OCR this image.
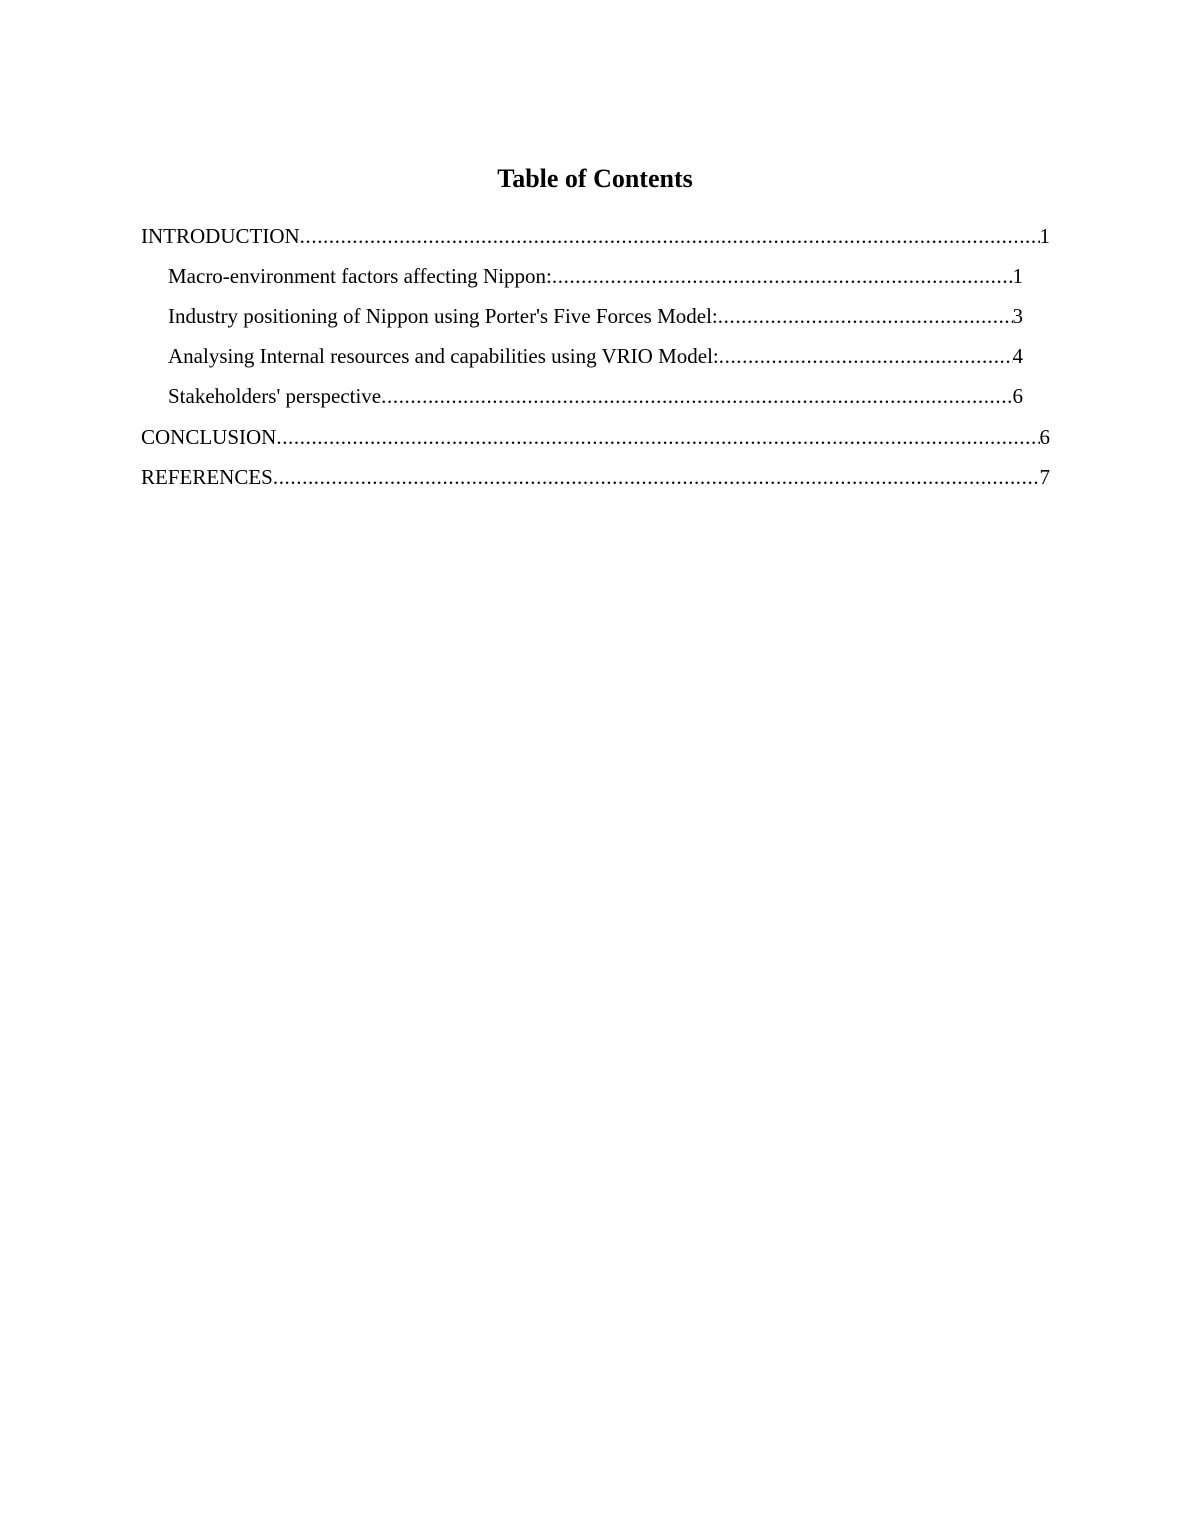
Table of Contents
INTRODUCTION .....	1
Macro-environment factors affecting Nippon: .....	1
Industry positioning of Nippon using Porter's Five Forces Model: .....	3
Analysing Internal resources and capabilities using VRIO Model: .....	4
Stakeholders' perspective .....	6
CONCLUSION .....	6
REFERENCES .....	7
